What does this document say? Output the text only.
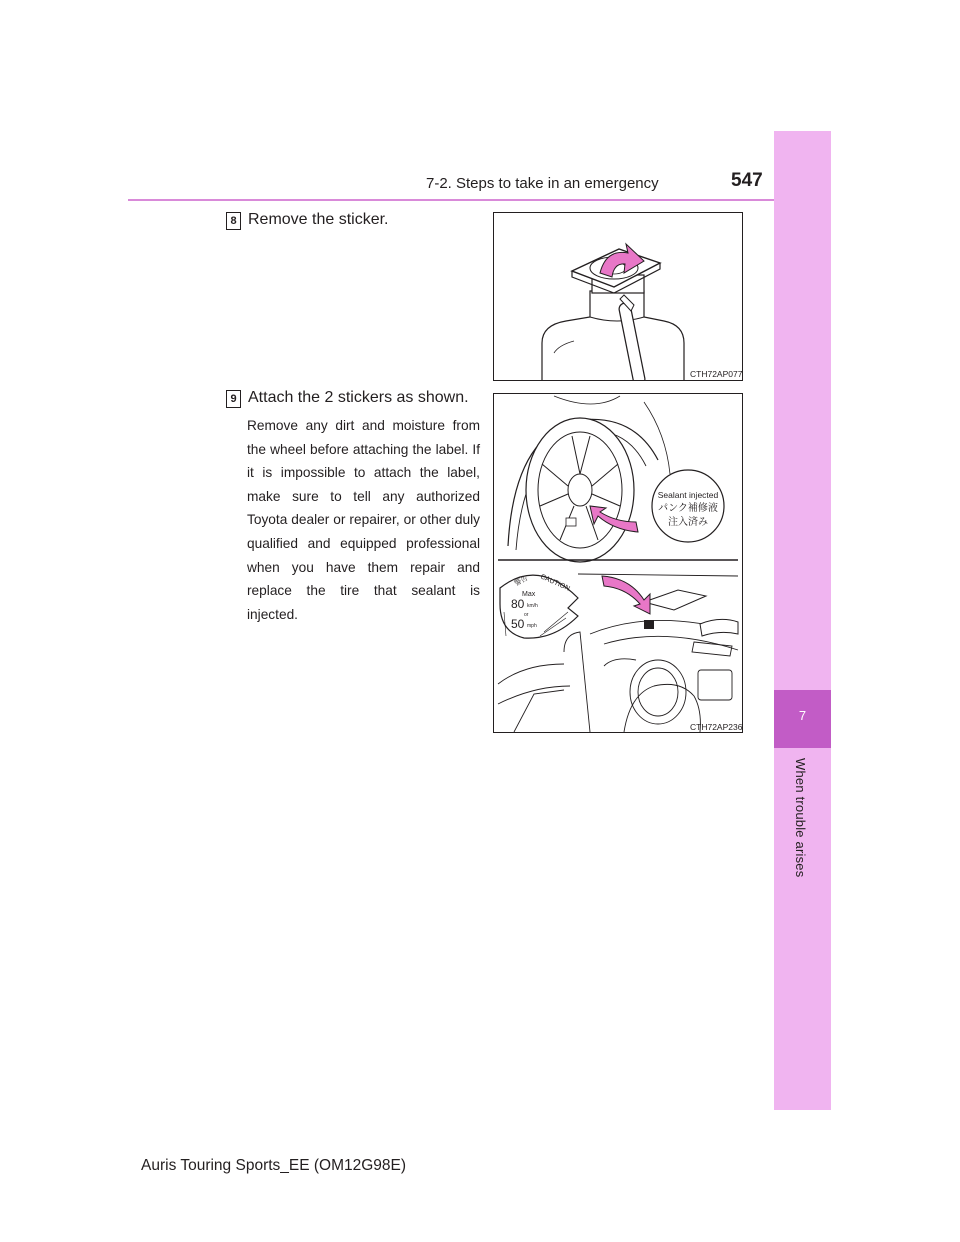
7-2. Steps to take in an emergency	547
7
When trouble arises
8 Remove the sticker.
CTH72AP077
9 Attach the 2 stickers as shown.
Remove any dirt and moisture from the wheel before attaching the label. If it is impossible to attach the label, make sure to tell any authorized Toyota dealer or repairer, or other duly qualified and equipped professional when you have them repair and replace the tire that sealant is injected.
Sealant injected
パンク補修液
注入済み
警告 CAUTION
Max
80 km/h
or
50 mph
CTH72AP236
Auris Touring Sports_EE (OM12G98E)
